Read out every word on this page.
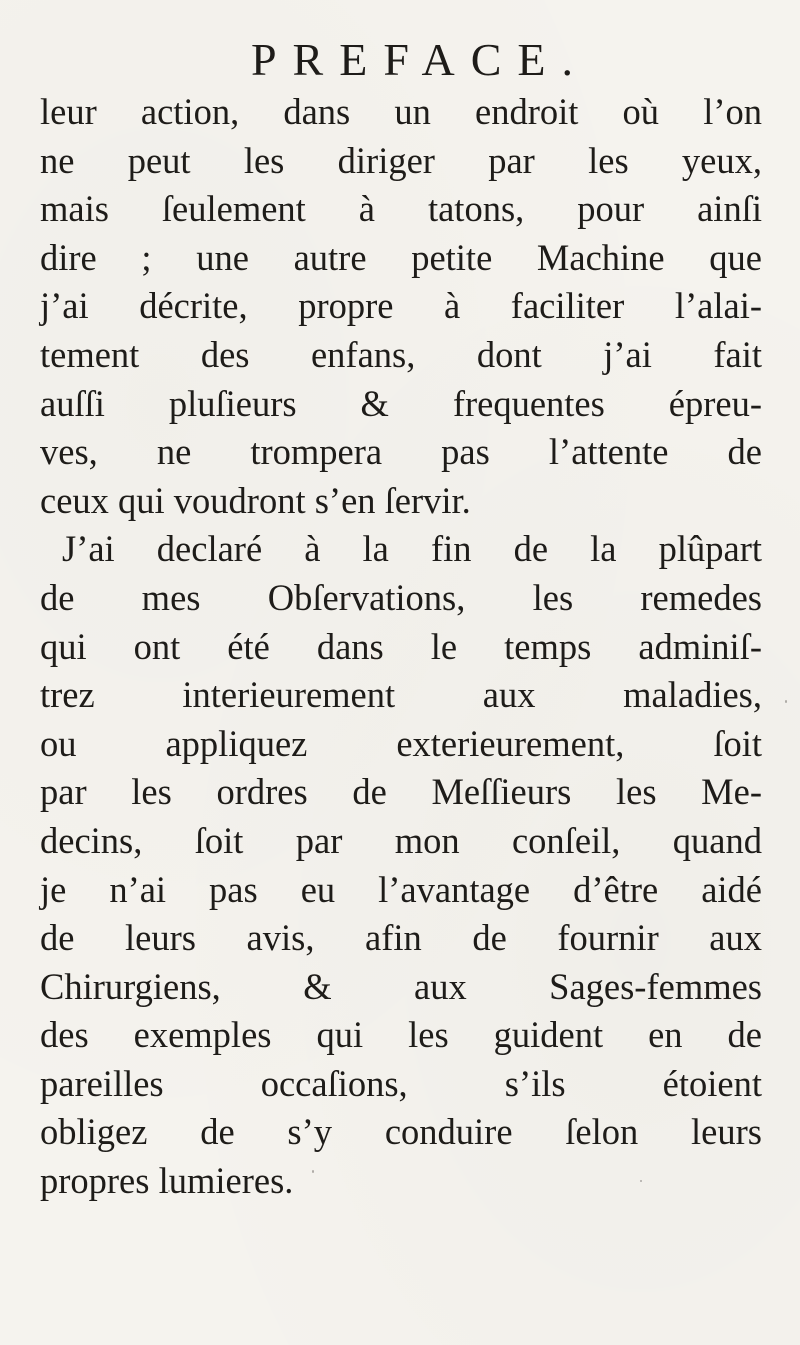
PREFACE.
leur action, dans un endroit où l’on
ne peut les diriger par les yeux,
mais ſeulement à tatons, pour ainſi
dire ; une autre petite Machine que
j’ai décrite, propre à faciliter l’alai-
tement des enfans, dont j’ai fait
auſſi pluſieurs & frequentes épreu-
ves, ne trompera pas l’attente de
ceux qui voudront s’en ſervir.
J’ai declaré à la fin de la plûpart
de mes Obſervations, les remedes
qui ont été dans le temps adminiſ-
trez interieurement aux maladies,
ou appliquez exterieurement, ſoit
par les ordres de Meſſieurs les Me-
decins, ſoit par mon conſeil, quand
je n’ai pas eu l’avantage d’être aidé
de leurs avis, afin de fournir aux
Chirurgiens, & aux Sages-femmes
des exemples qui les guident en de
pareilles occaſions, s’ils étoient
obligez de s’y conduire ſelon leurs
propres lumieres.
